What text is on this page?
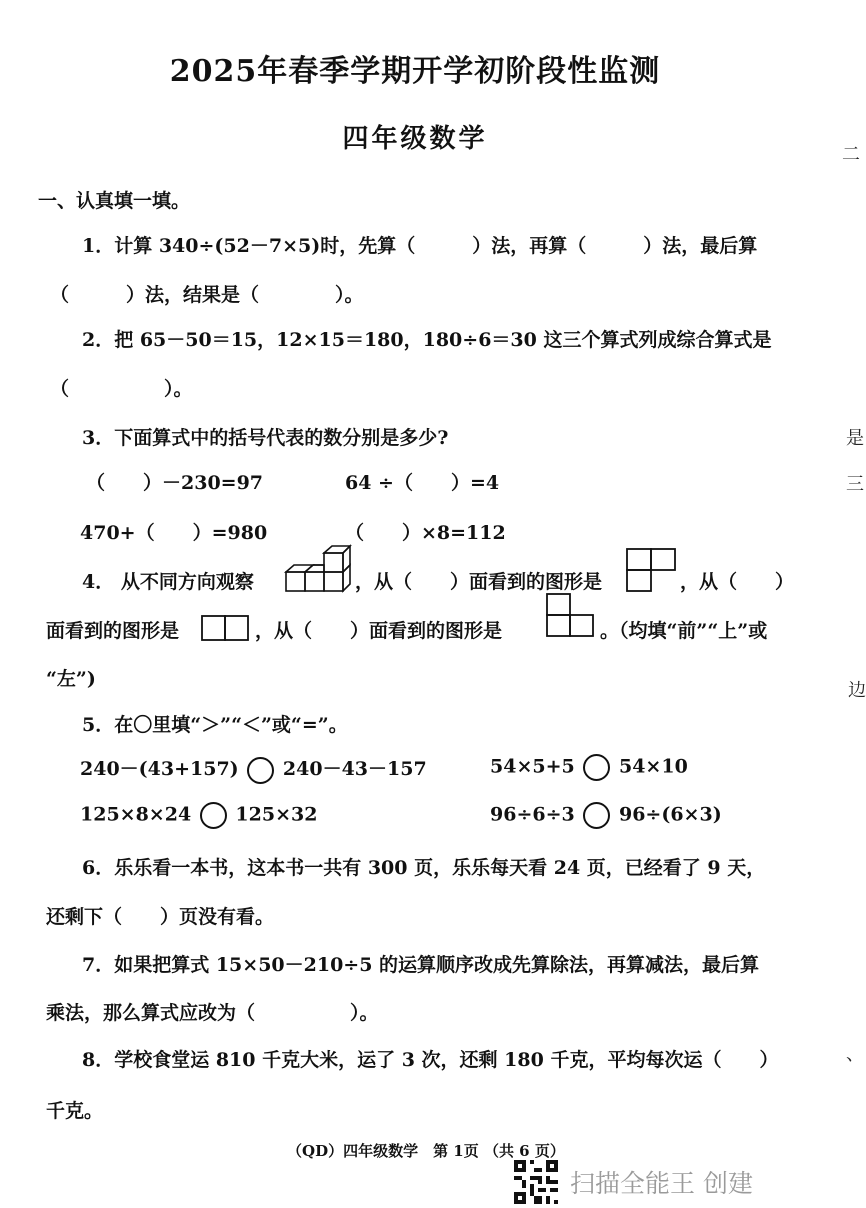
2025年春季学期开学初阶段性监测
四年级数学
一、认真填一填。
1．计算 340÷(52－7×5)时，先算（　　　）法，再算（　　　）法，最后算
（　　　）法，结果是（　　　　）。
2．把 65－50＝15，12×15＝180，180÷6＝30 这三个算式列成综合算式是
（　　　　　）。
3．下面算式中的括号代表的数分别是多少?
（　　）－230=97	64 ÷（　　）=4
470+（　　）=980	（　　）×8=112
4． 从不同方向观察	，从（　　）面看到的图形是	，从（　　）
面看到的图形是	，从（　　）面看到的图形是	。（均填“前”“上”或
“左”)
5．在〇里填“＞”“＜”或“=”。
240－(43+157) 240－43－157	54×5+5 54×10
125×8×24 125×32	96÷6÷3 96÷(6×3)
6．乐乐看一本书，这本书一共有 300 页，乐乐每天看 24 页，已经看了 9 天，
还剩下（　　）页没有看。
7．如果把算式 15×50－210÷5 的运算顺序改成先算除法，再算减法，最后算
乘法，那么算式应改为（　　　　　）。
8．学校食堂运 810 千克大米，运了 3 次，还剩 180 千克，平均每次运（　　）
千克。
（QD）四年级数学　第 1页 （共 6 页）
扫描全能王 创建
二
是
三
边
、
